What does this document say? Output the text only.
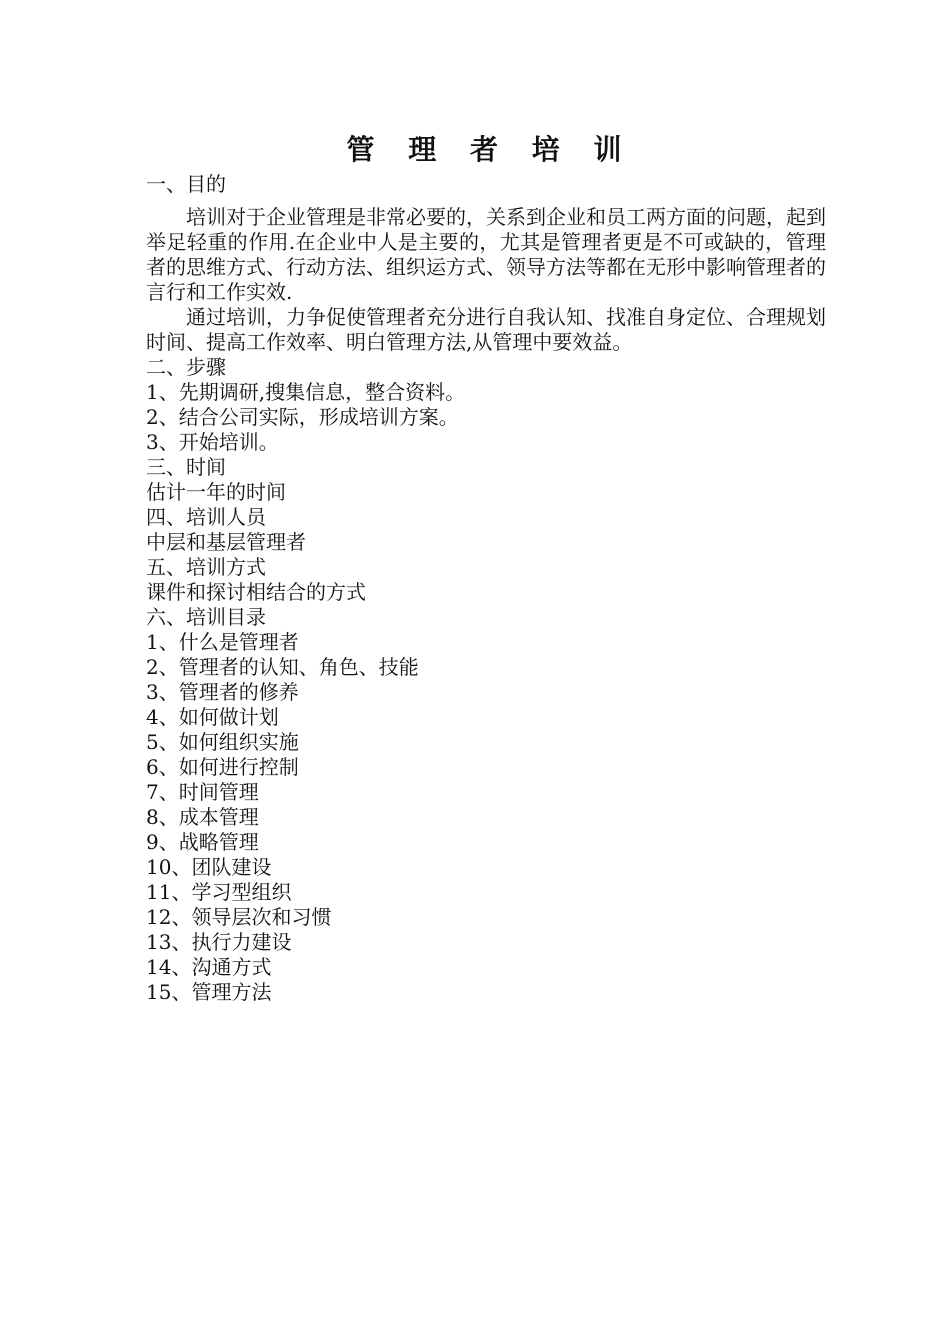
管 理 者 培 训
一、目的

培训对于企业管理是非常必要的，关系到企业和员工两方面的问题，起到举足轻重的作用.在企业中人是主要的，尤其是管理者更是不可或缺的，管理者的思维方式、行动方法、组织运方式、领导方法等都在无形中影响管理者的言行和工作实效.

通过培训，力争促使管理者充分进行自我认知、找准自身定位、合理规划时间、提高工作效率、明白管理方法,从管理中要效益。

二、步骤
1、先期调研,搜集信息，整合资料。
2、结合公司实际，形成培训方案。
3、开始培训。
三、时间
估计一年的时间
四、培训人员
中层和基层管理者
五、培训方式
课件和探讨相结合的方式
六、培训目录
1、什么是管理者
2、管理者的认知、角色、技能
3、管理者的修养
4、如何做计划
5、如何组织实施
6、如何进行控制
7、时间管理
8、成本管理
9、战略管理
10、团队建设
11、学习型组织
12、领导层次和习惯
13、执行力建设
14、沟通方式
15、管理方法
